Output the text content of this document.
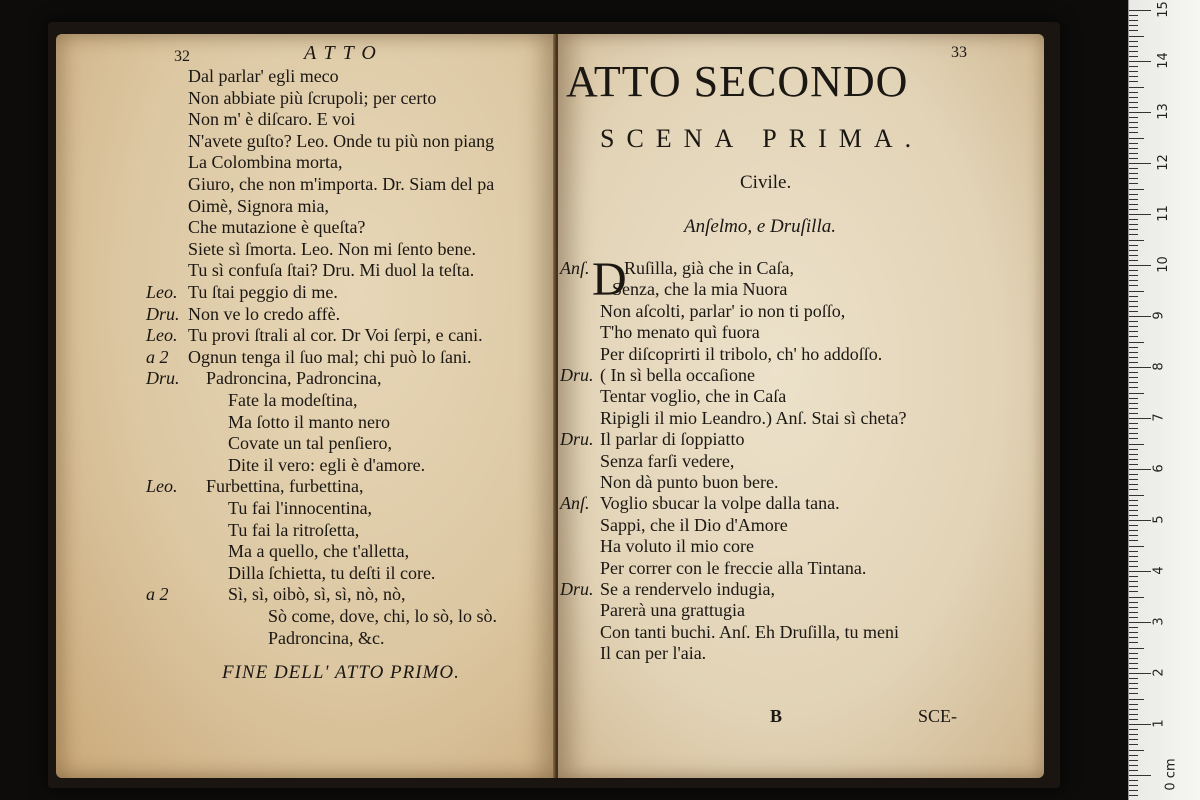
32	ATTO
Dal parlar' egli meco
Non abbiate più ſcrupoli; per certo
Non m' è diſcaro. E voi
N'avete guſto? Leo. Onde tu più non piang
La Colombina morta,
Giuro, che non m'importa. Dr. Siam del pa
Oimè, Signora mia,
Che mutazione è queſta?
Siete sì ſmorta. Leo. Non mi ſento bene.
Tu sì confuſa ſtai? Dru. Mi duol la teſta.
Leo. Tu ſtai peggio di me.
Dru. Non ve lo credo affè.
Leo. Tu provi ſtrali al cor. Dr Voi ſerpi, e cani.
a 2 Ognun tenga il ſuo mal; chi può lo ſani.
Dru. Padroncina, Padroncina,
Fate la modeſtina,
Ma ſotto il manto nero
Covate un tal penſiero,
Dite il vero: egli è d'amore.
Leo. Furbettina, furbettina,
Tu fai l'innocentina,
Tu fai la ritroſetta,
Ma a quello, che t'alletta,
Dilla ſchietta, tu deſti il core.
a 2	Sì, sì, oibò, sì, sì, nò, nò,
Sò come, dove, chi, lo sò, lo sò.
Padroncina, &c.
FINE DELL' ATTO PRIMO.
33
ATTO SECONDO
SCENA PRIMA.
Civile.
Anſelmo, e Druſilla.
D
Anſ. Ruſilla, già che in Caſa,
Senza, che la mia Nuora
Non aſcolti, parlar' io non ti poſſo,
T'ho menato quì fuora
Per diſcoprirti il tribolo, ch' ho addoſſo.
Dru. ( In sì bella occaſione
Tentar voglio, che in Caſa
Ripigli il mio Leandro.) Anſ. Stai sì cheta?
Dru. Il parlar di ſoppiatto
Senza farſi vedere,
Non dà punto buon bere.
Anſ. Voglio sbucar la volpe dalla tana.
Sappi, che il Dio d'Amore
Ha voluto il mio core
Per correr con le freccie alla Tintana.
Dru. Se a rendervelo indugia,
Parerà una grattugia
Con tanti buchi. Anſ. Eh Druſilla, tu meni
Il can per l'aia.
B	SCE-
15
14
13
12
11
10
9
8
7
6
5
4
3
2
1
0 cm
